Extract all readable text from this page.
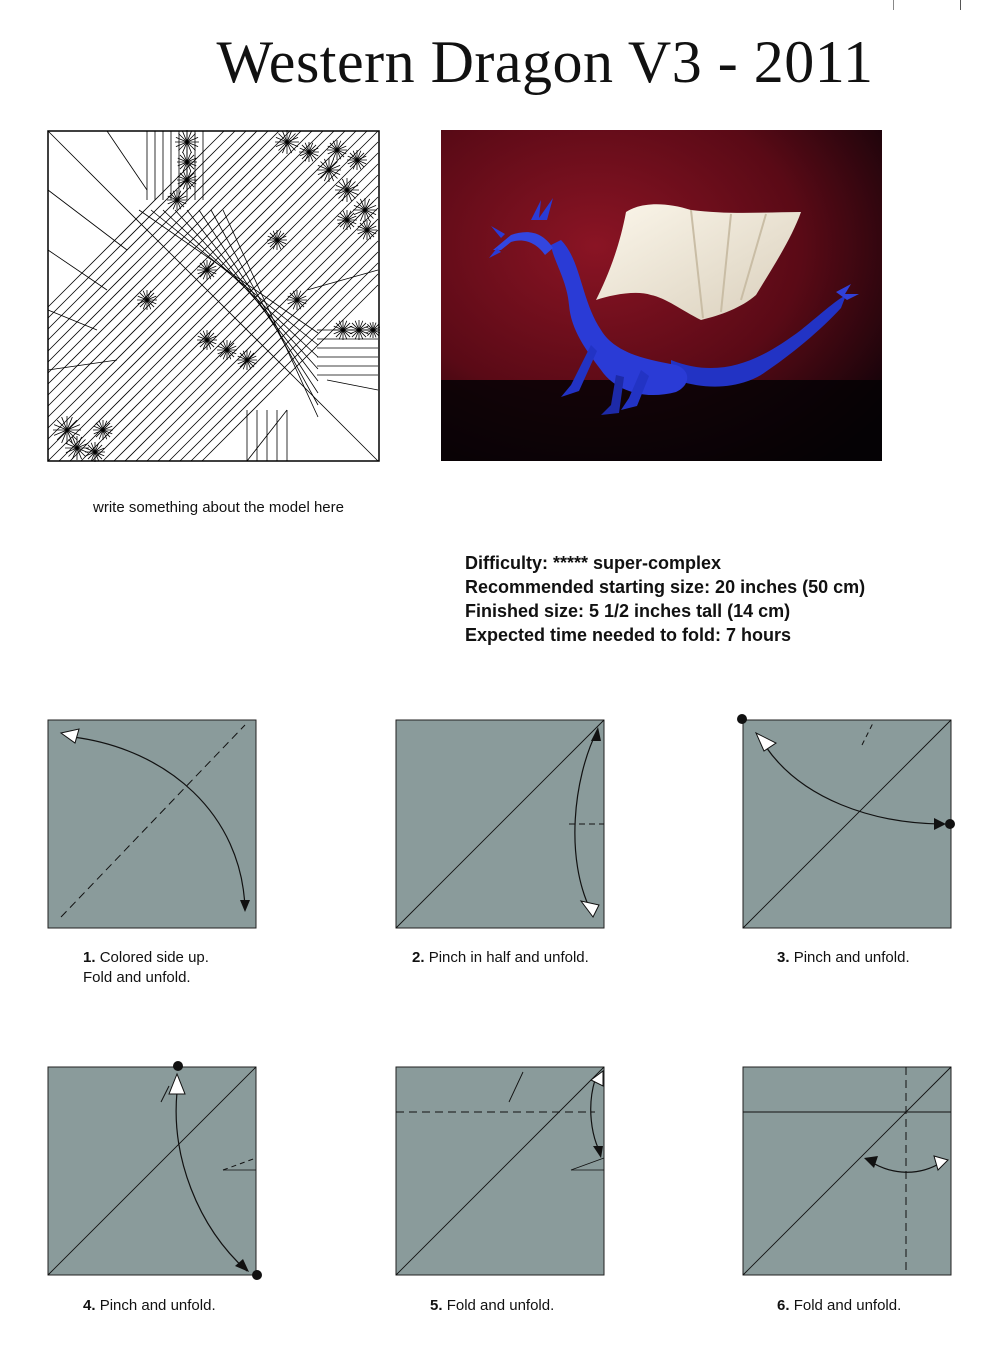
Western Dragon V3 - 2011
write something about the model here
Difficulty: ***** super-complex
Recommended starting size: 20 inches (50 cm)
Finished size: 5 1/2 inches tall (14 cm)
Expected time needed to fold: 7 hours
1. Colored side up.
Fold and unfold.
2. Pinch in half and unfold.	3. Pinch and unfold.
4. Pinch and unfold.	5. Fold and unfold.	6. Fold and unfold.
